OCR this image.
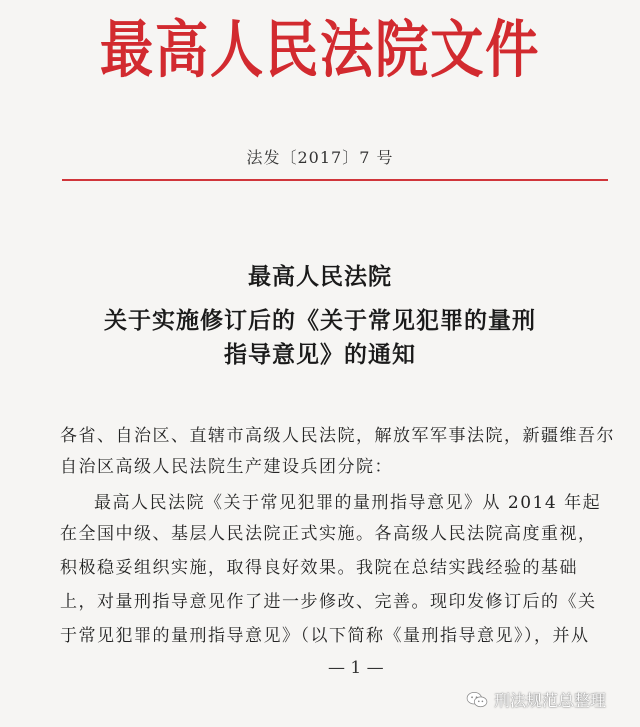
最高人民法院文件
法发〔2017〕7 号
最高人民法院
关于实施修订后的《关于常见犯罪的量刑
指导意见》的通知
各省、自治区、直辖市高级人民法院，解放军军事法院，新疆维吾尔
自治区高级人民法院生产建设兵团分院：
最高人民法院《关于常见犯罪的量刑指导意见》从 2014 年起
在全国中级、基层人民法院正式实施。各高级人民法院高度重视，
积极稳妥组织实施，取得良好效果。我院在总结实践经验的基础
上，对量刑指导意见作了进一步修改、完善。现印发修订后的《关
于常见犯罪的量刑指导意见》（以下简称《量刑指导意见》），并从
— 1 —
刑法规范总整理
